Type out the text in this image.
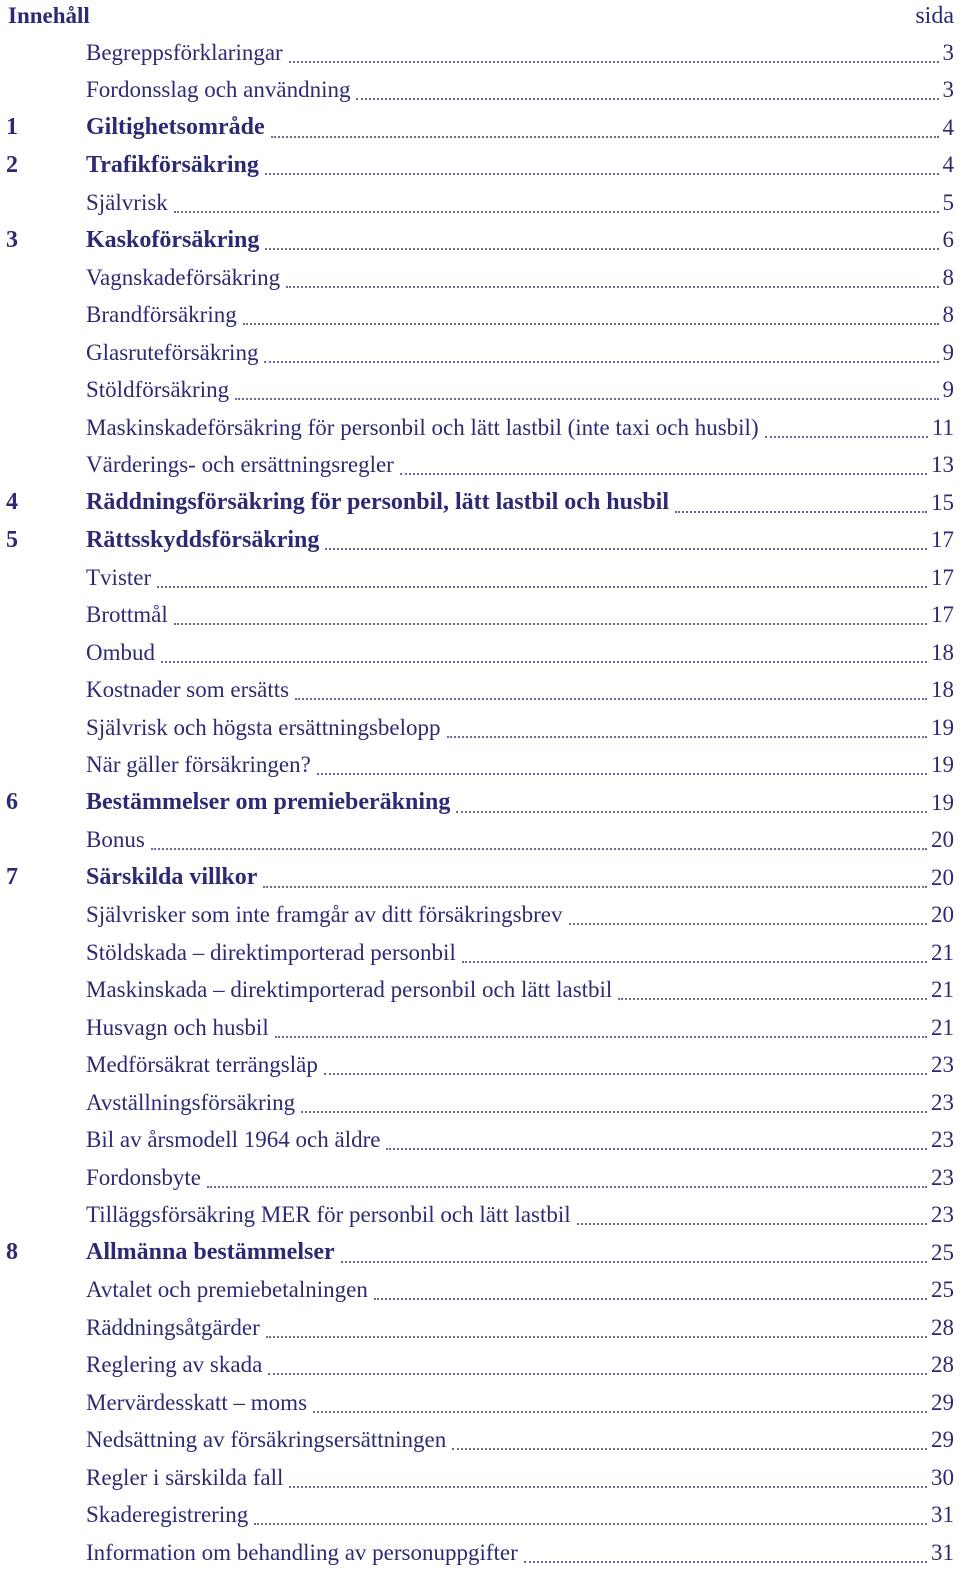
Innehåll	sida
Begreppsförklaringar	3
Fordonsslag och användning	3
1	Giltighetsområde	4
2	Trafikförsäkring	4
Självrisk	5
3	Kaskoförsäkring	6
Vagnskadeförsäkring	8
Brandförsäkring	8
Glasruteförsäkring	9
Stöldförsäkring	9
Maskinskadeförsäkring för personbil och lätt lastbil (inte taxi och husbil)	11
Värderings- och ersättningsregler	13
4	Räddningsförsäkring för personbil, lätt lastbil och husbil	15
5	Rättsskyddsförsäkring	17
Tvister	17
Brottmål	17
Ombud	18
Kostnader som ersätts	18
Självrisk och högsta ersättningsbelopp	19
När gäller försäkringen?	19
6	Bestämmelser om premieberäkning	19
Bonus	20
7	Särskilda villkor	20
Självrisker som inte framgår av ditt försäkringsbrev	20
Stöldskada – direktimporterad personbil	21
Maskinskada – direktimporterad personbil och lätt lastbil	21
Husvagn och husbil	21
Medförsäkrat terrängsläp	23
Avställningsförsäkring	23
Bil av årsmodell 1964 och äldre	23
Fordonsbyte	23
Tilläggsförsäkring MER för personbil och lätt lastbil	23
8	Allmänna bestämmelser	25
Avtalet och premiebetalningen	25
Räddningsåtgärder	28
Reglering av skada	28
Mervärdesskatt – moms	29
Nedsättning av försäkringsersättningen	29
Regler i särskilda fall	30
Skaderegistrering	31
Information om behandling av personuppgifter	31
